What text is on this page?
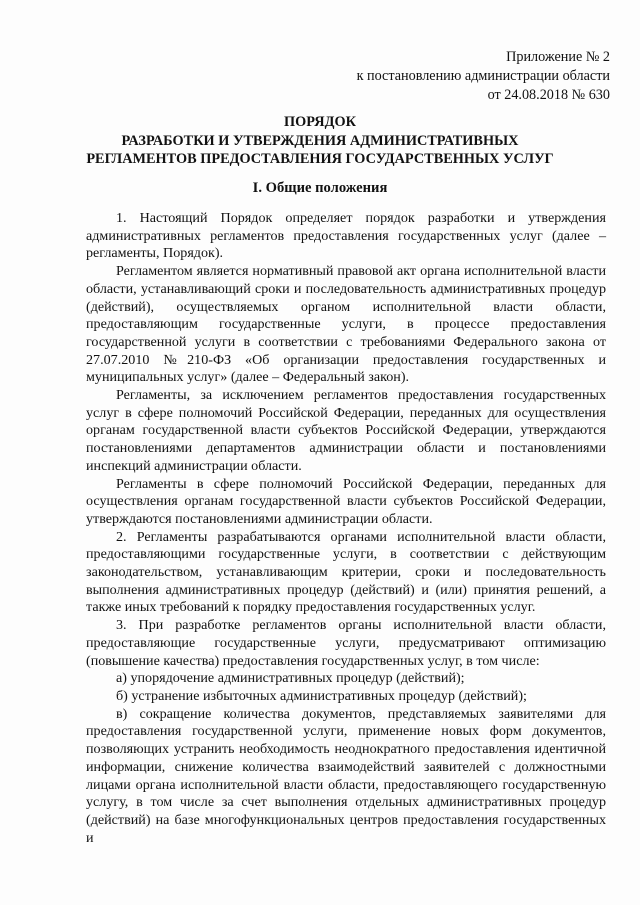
Приложение № 2
к постановлению администрации области
от 24.08.2018 № 630
ПОРЯДОК
РАЗРАБОТКИ И УТВЕРЖДЕНИЯ АДМИНИСТРАТИВНЫХ
РЕГЛАМЕНТОВ ПРЕДОСТАВЛЕНИЯ ГОСУДАРСТВЕННЫХ УСЛУГ
I. Общие положения

1. Настоящий Порядок определяет порядок разработки и утверждения административных регламентов предоставления государственных услуг (далее – регламенты, Порядок).

Регламентом является нормативный правовой акт органа исполнительной власти области, устанавливающий сроки и последовательность административных процедур (действий), осуществляемых органом исполнительной власти области, предоставляющим государственные услуги, в процессе предоставления государственной услуги в соответствии с требованиями Федерального закона от 27.07.2010 №210-ФЗ «Об организации предоставления государственных и муниципальных услуг» (далее – Федеральный закон).

Регламенты, за исключением регламентов предоставления государственных услуг в сфере полномочий Российской Федерации, переданных для осуществления органам государственной власти субъектов Российской Федерации, утверждаются постановлениями департаментов администрации области и постановлениями инспекций администрации области.

Регламенты в сфере полномочий Российской Федерации, переданных для осуществления органам государственной власти субъектов Российской Федерации, утверждаются постановлениями администрации области.

2. Регламенты разрабатываются органами исполнительной власти области, предоставляющими государственные услуги, в соответствии с действующим законодательством, устанавливающим критерии, сроки и последовательность выполнения административных процедур (действий) и (или) принятия решений, а также иных требований к порядку предоставления государственных услуг.

3. При разработке регламентов органы исполнительной власти области, предоставляющие государственные услуги, предусматривают оптимизацию (повышение качества) предоставления государственных услуг, в том числе:

а) упорядочение административных процедур (действий);

б) устранение избыточных административных процедур (действий);

в) сокращение количества документов, представляемых заявителями для предоставления государственной услуги, применение новых форм документов, позволяющих устранить необходимость неоднократного предоставления идентичной информации, снижение количества взаимодействий заявителей с должностными лицами органа исполнительной власти области, предоставляющего государственную услугу, в том числе за счет выполнения отдельных административных процедур (действий) на базе многофункциональных центров предоставления государственных и
